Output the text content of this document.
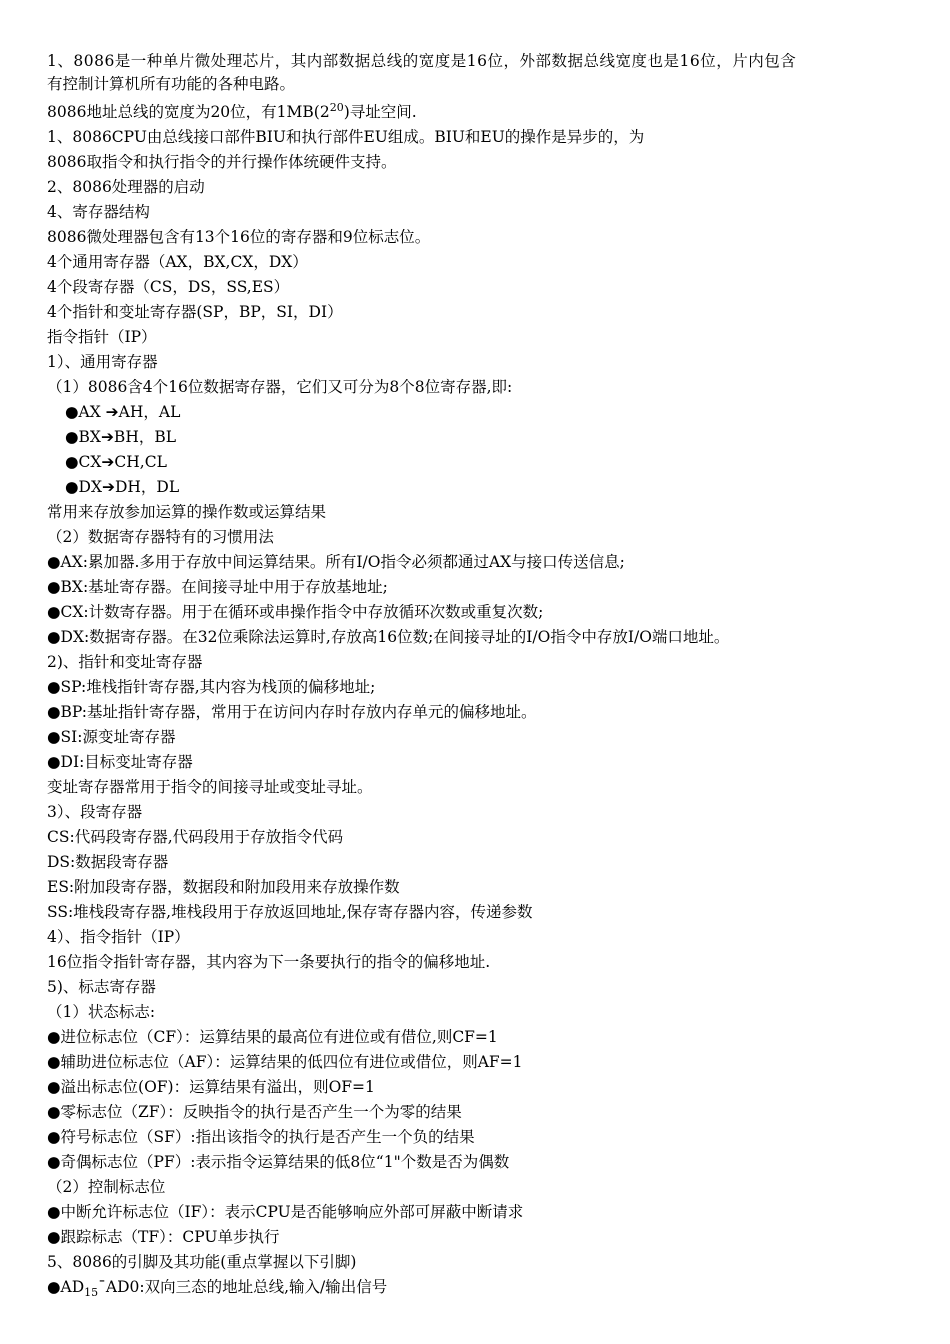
1、8086是一种单片微处理芯片，其内部数据总线的宽度是16位，外部数据总线宽度也是16位，片内包含
有控制计算机所有功能的各种电路。
8086地址总线的宽度为20位，有$1MB(2^{20})$寻址空间.
1、8086CPU由总线接口部件BIU和执行部件EU组成。BIU和EU的操作是异步的，为
8086取指令和执行指令的并行操作体统硬件支持。
2、8086处理器的启动
4、寄存器结构
8086微处理器包含有13个16位的寄存器和9位标志位。
4个通用寄存器（AX，BX,CX，DX）
4个段寄存器（CS，DS，SS,ES）
4个指针和变址寄存器(SP，BP，SI，DI）
指令指针（IP）
1）、通用寄存器
（1）8086含4个16位数据寄存器，它们又可分为8个8位寄存器,即:
●AX ➔AH，AL
●BX➔BH，BL
●CX➔CH,CL
●DX➔DH，DL
常用来存放参加运算的操作数或运算结果
（2）数据寄存器特有的习惯用法
●AX:累加器.多用于存放中间运算结果。所有I/O指令必须都通过AX与接口传送信息;
●BX:基址寄存器。在间接寻址中用于存放基地址;
●CX:计数寄存器。用于在循环或串操作指令中存放循环次数或重复次数;
●DX:数据寄存器。在32位乘除法运算时,存放高16位数;在间接寻址的I/O指令中存放I/O端口地址。
2)、指针和变址寄存器
●SP:堆栈指针寄存器,其内容为栈顶的偏移地址;
●BP:基址指针寄存器，常用于在访问内存时存放内存单元的偏移地址。
●SI:源变址寄存器
●DI:目标变址寄存器
变址寄存器常用于指令的间接寻址或变址寻址。
3）、段寄存器
CS:代码段寄存器,代码段用于存放指令代码
DS:数据段寄存器
ES:附加段寄存器，数据段和附加段用来存放操作数
SS:堆栈段寄存器,堆栈段用于存放返回地址,保存寄存器内容，传递参数
4）、指令指针（IP）
16位指令指针寄存器，其内容为下一条要执行的指令的偏移地址.
5)、标志寄存器
（1）状态标志:
●进位标志位（CF）：运算结果的最高位有进位或有借位,则CF=1
●辅助进位标志位（AF）：运算结果的低四位有进位或借位，则AF=1
●溢出标志位(OF)：运算结果有溢出，则OF=1
●零标志位（ZF）：反映指令的执行是否产生一个为零的结果
●符号标志位（SF）:指出该指令的执行是否产生一个负的结果
●奇偶标志位（PF）:表示指令运算结果的低8位“1"个数是否为偶数
（2）控制标志位
●中断允许标志位（IF）：表示CPU是否能够响应外部可屏蔽中断请求
●跟踪标志（TF）：CPU单步执行
5、8086的引脚及其功能(重点掌握以下引脚)
$●AD_{15}¯AD0$:双向三态的地址总线,输入/输出信号
